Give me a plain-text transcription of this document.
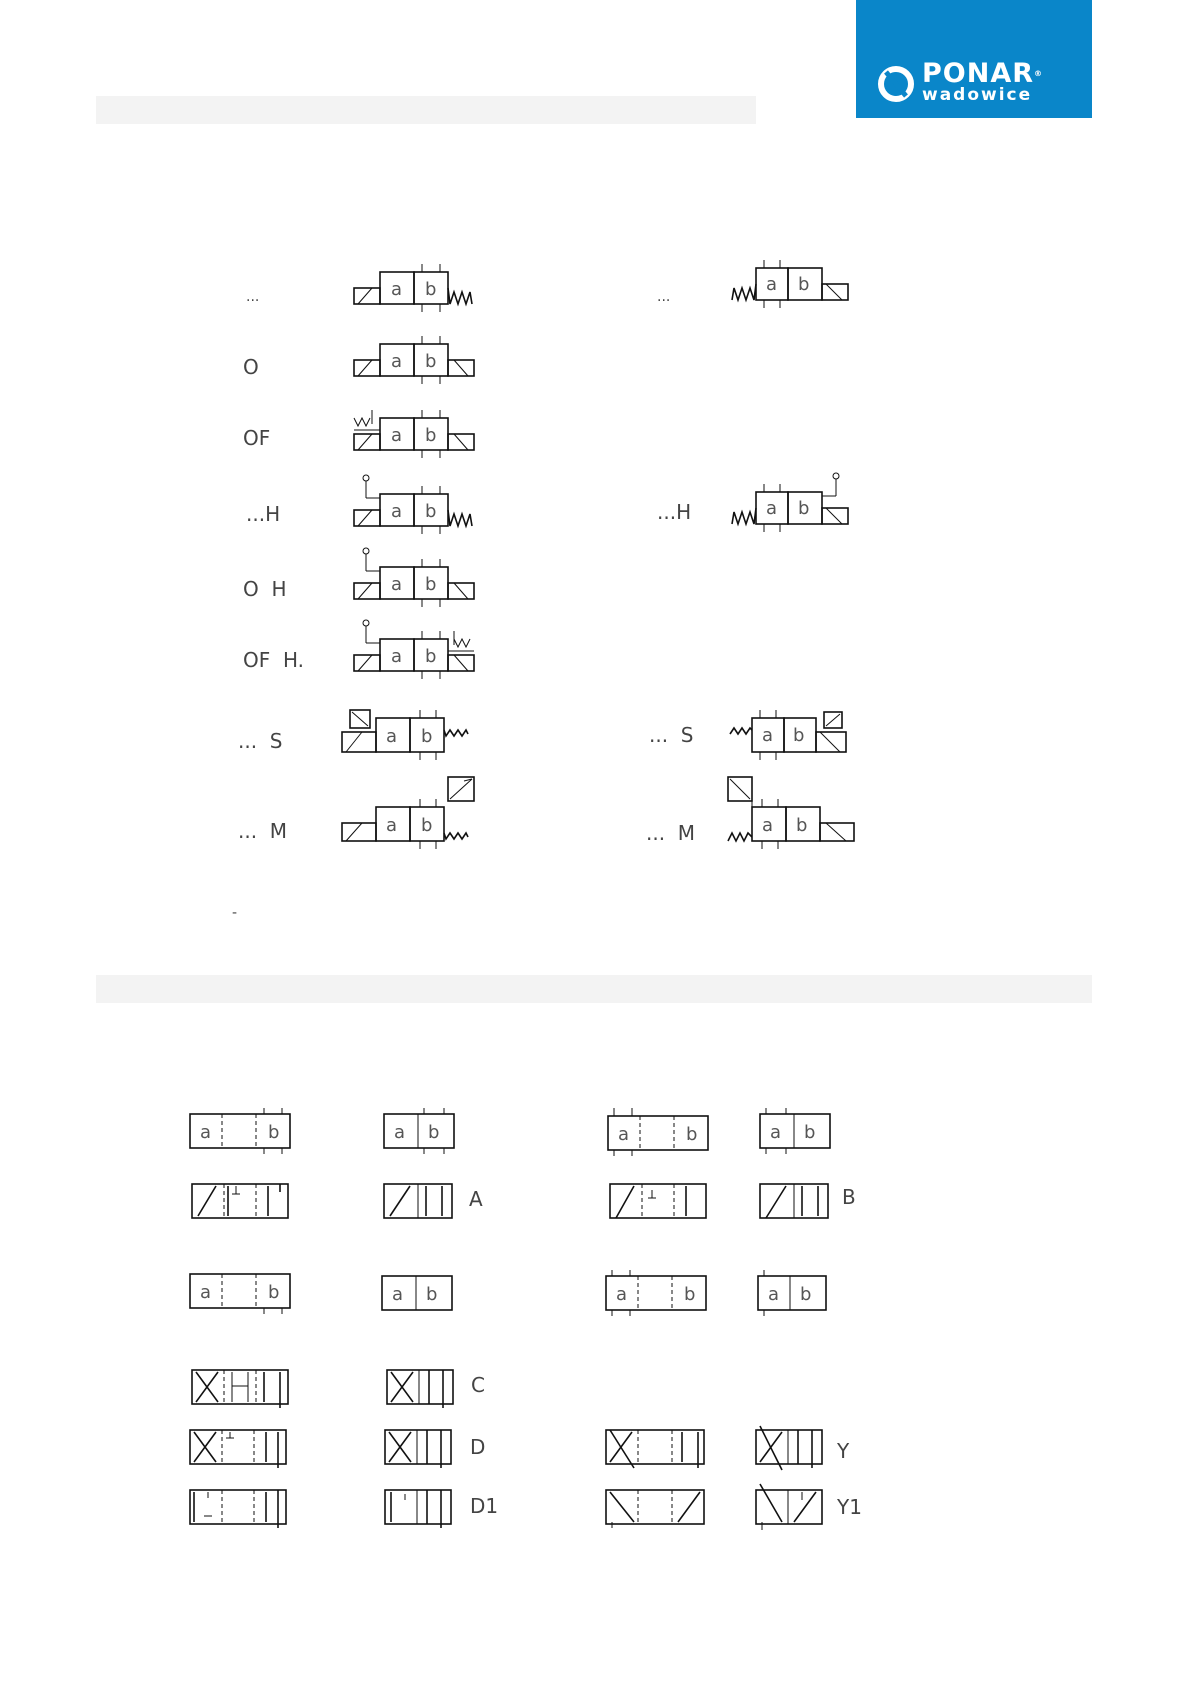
PONAR®
wadowice
...
O
OF
...H
O  H
OF  H.
...  S
...  M
...
...H
...  S
...  M
-
a b	a b
a b
a b
a b	a b
a b
a b
a b	a b
a b	a b
a	b	a b	a	b	a b
A	B
a	b	a b	a	b	a b
C
D	Y
D1	Y1
